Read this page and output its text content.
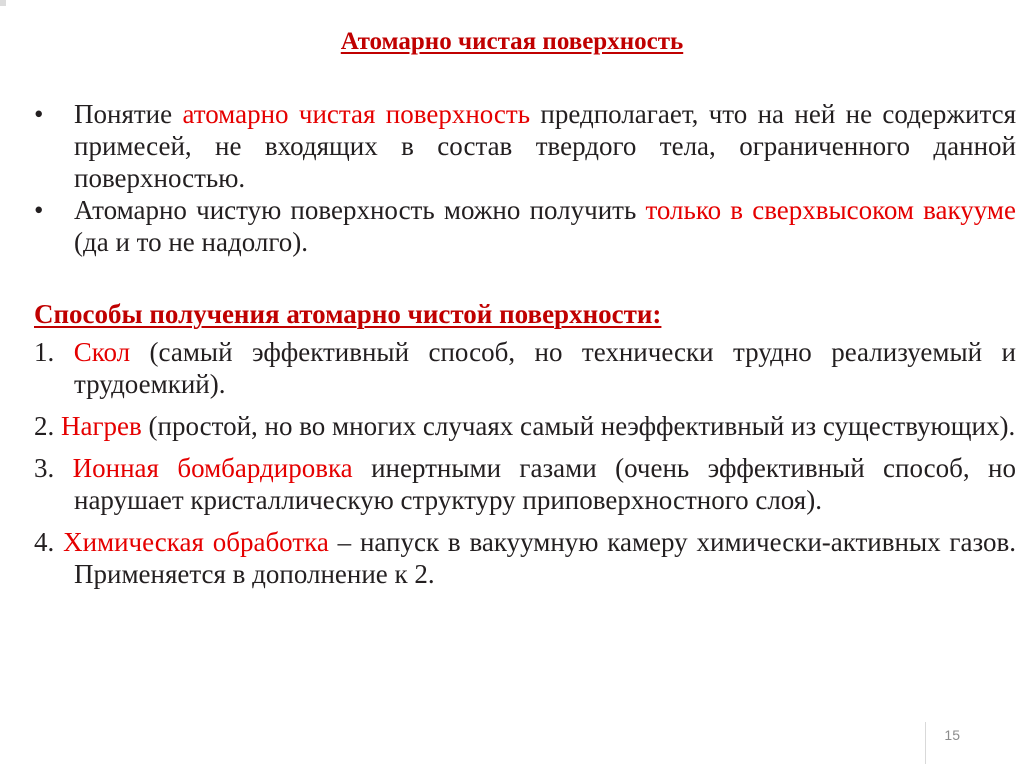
Атомарно чистая поверхность
•	Понятие атомарно чистая поверхность предполагает, что на ней не содержится примесей, не входящих в состав твердого тела, ограниченного данной поверхностью.
•	Атомарно чистую поверхность можно получить только в сверхвысоком вакууме (да и то не надолго).
Способы получения атомарно чистой поверхности:
1. Скол (самый эффективный способ, но технически трудно реализуемый и трудоемкий).
2. Нагрев (простой, но во многих случаях самый неэффективный из существующих).
3. Ионная бомбардировка инертными газами (очень эффективный способ, но нарушает кристаллическую структуру приповерхностного слоя).
4. Химическая обработка – напуск в вакуумную камеру химически-активных газов. Применяется в дополнение к 2.
15
